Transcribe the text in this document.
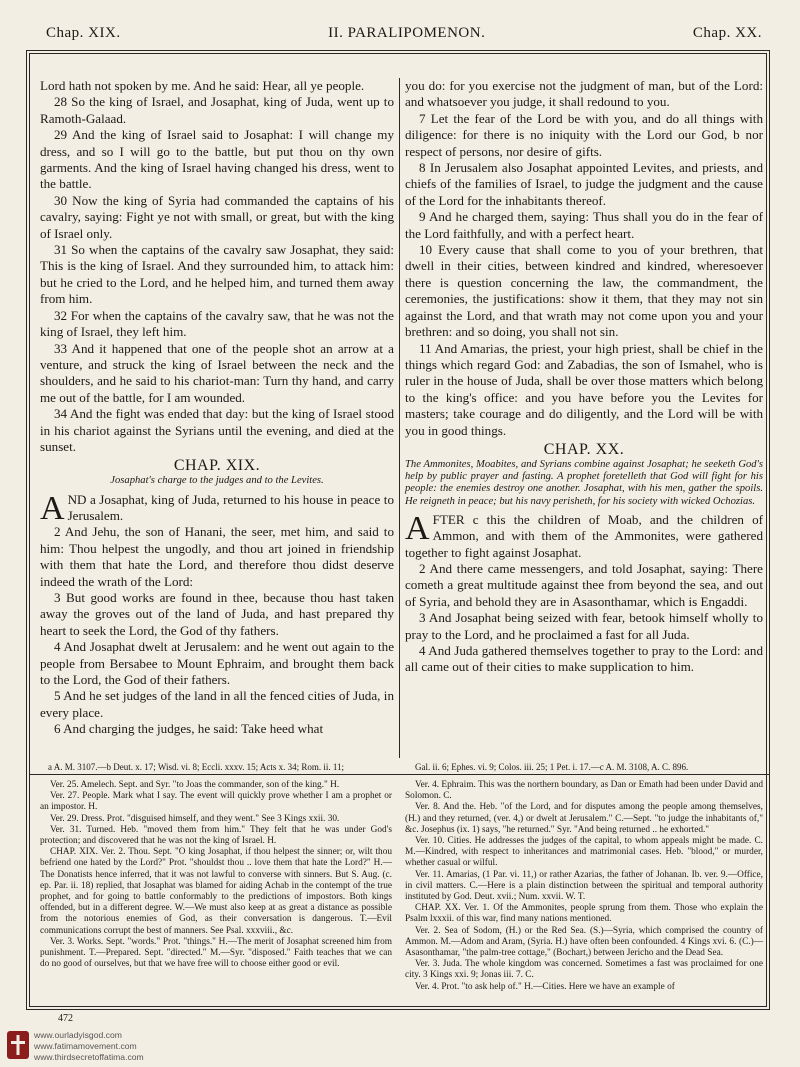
Chap. XIX.	II. PARALIPOMENON.	Chap. XX.

Lord hath not spoken by me. And he said: Hear, all ye people.

28 So the king of Israel, and Josaphat, king of Juda, went up to Ramoth-Galaad.

29 And the king of Israel said to Josaphat: I will change my dress, and so I will go to the battle, but put thou on thy own garments. And the king of Israel having changed his dress, went to the battle.

30 Now the king of Syria had commanded the captains of his cavalry, saying: Fight ye not with small, or great, but with the king of Israel only.

31 So when the captains of the cavalry saw Josaphat, they said: This is the king of Israel. And they surrounded him, to attack him: but he cried to the Lord, and he helped him, and turned them away from him.

32 For when the captains of the cavalry saw, that he was not the king of Israel, they left him.

33 And it happened that one of the people shot an arrow at a venture, and struck the king of Israel between the neck and the shoulders, and he said to his chariot-man: Turn thy hand, and carry me out of the battle, for I am wounded.

34 And the fight was ended that day: but the king of Israel stood in his chariot against the Syrians until the evening, and died at the sunset.

CHAP. XIX.
Josaphat's charge to the judges and to the Levites.

AND a Josaphat, king of Juda, returned to his house in peace to Jerusalem.

2 And Jehu, the son of Hanani, the seer, met him, and said to him: Thou helpest the ungodly, and thou art joined in friendship with them that hate the Lord, and therefore thou didst deserve indeed the wrath of the Lord:

3 But good works are found in thee, because thou hast taken away the groves out of the land of Juda, and hast prepared thy heart to seek the Lord, the God of thy fathers.

4 And Josaphat dwelt at Jerusalem: and he went out again to the people from Bersabee to Mount Ephraim, and brought them back to the Lord, the God of their fathers.

5 And he set judges of the land in all the fenced cities of Juda, in every place.

6 And charging the judges, he said: Take heed what

you do: for you exercise not the judgment of man, but of the Lord: and whatsoever you judge, it shall redound to you.

7 Let the fear of the Lord be with you, and do all things with diligence: for there is no iniquity with the Lord our God, b nor respect of persons, nor desire of gifts.

8 In Jerusalem also Josaphat appointed Levites, and priests, and chiefs of the families of Israel, to judge the judgment and the cause of the Lord for the inhabitants thereof.

9 And he charged them, saying: Thus shall you do in the fear of the Lord faithfully, and with a perfect heart.

10 Every cause that shall come to you of your brethren, that dwell in their cities, between kindred and kindred, wheresoever there is question concerning the law, the commandment, the ceremonies, the justifications: show it them, that they may not sin against the Lord, and that wrath may not come upon you and your brethren: and so doing, you shall not sin.

11 And Amarias, the priest, your high priest, shall be chief in the things which regard God: and Zabadias, the son of Ismahel, who is ruler in the house of Juda, shall be over those matters which belong to the king's office: and you have before you the Levites for masters; take courage and do diligently, and the Lord will be with you in good things.

CHAP. XX.
The Ammonites, Moabites, and Syrians combine against Josaphat; he seeketh God's help by public prayer and fasting. A prophet foretelleth that God will fight for his people: the enemies destroy one another. Josaphat, with his men, gather the spoils. He reigneth in peace; but his navy perisheth, for his society with wicked Ochozias.

AFTER c this the children of Moab, and the children of Ammon, and with them of the Ammonites, were gathered together to fight against Josaphat.

2 And there came messengers, and told Josaphat, saying: There cometh a great multitude against thee from beyond the sea, and out of Syria, and behold they are in Asasonthamar, which is Engaddi.

3 And Josaphat being seized with fear, betook himself wholly to pray to the Lord, and he proclaimed a fast for all Juda.

4 And Juda gathered themselves together to pray to the Lord: and all came out of their cities to make supplication to him.

a A. M. 3107.—b Deut. x. 17; Wisd. vi. 8; Eccli. xxxv. 15; Acts x. 34; Rom. ii. 11;	Gal. ii. 6; Ephes. vi. 9; Colos. iii. 25; 1 Pet. i. 17.—c A. M. 3108, A. C. 896.

Ver. 25. Amelech. Sept. and Syr. "to Joas the commander, son of the king." H.

Ver. 27. People. Mark what I say. The event will quickly prove whether I am a prophet or an impostor. H.

Ver. 29. Dress. Prot. "disguised himself, and they went." See 3 Kings xxii. 30.

Ver. 31. Turned. Heb. "moved them from him." They felt that he was under God's protection; and discovered that he was not the king of Israel. H.

CHAP. XIX. Ver. 2. Thou. Sept. "O king Josaphat, if thou helpest the sinner; or, wilt thou befriend one hated by the Lord?" Prot. "shouldst thou .. love them that hate the Lord?" H.—The Donatists hence inferred, that it was not lawful to converse with sinners. But S. Aug. (c. ep. Par. ii. 18) replied, that Josaphat was blamed for aiding Achab in the contempt of the true prophet, and for going to battle conformably to the predictions of impostors. Both kings offended, but in a different degree. W.—We must also keep at as great a distance as possible from the notorious enemies of God, as their conversation is dangerous. T.—Evil communications corrupt the best of manners. See Psal. xxxviii., &c.

Ver. 3. Works. Sept. "words." Prot. "things." H.—The merit of Josaphat screened him from punishment. T.—Prepared. Sept. "directed." M.—Syr. "disposed." Faith teaches that we can do no good of ourselves, but that we have free will to choose either good or evil.

Ver. 4. Ephraim. This was the northern boundary, as Dan or Emath had been under David and Solomon. C.

Ver. 8. And the. Heb. "of the Lord, and for disputes among the people among themselves, (H.) and they returned, (ver. 4,) or dwelt at Jerusalem." C.—Sept. "to judge the inhabitants of," &c. Josephus (ix. 1) says, "he returned." Syr. "And being returned .. he exhorted."

Ver. 10. Cities. He addresses the judges of the capital, to whom appeals might be made. C. M.—Kindred, with respect to inheritances and matrimonial cases. Heb. "blood," or murder, whether casual or wilful.

Ver. 11. Amarias, (1 Par. vi. 11,) or rather Azarias, the father of Johanan. Ib. ver. 9.—Office, in civil matters. C.—Here is a plain distinction between the spiritual and temporal authority instituted by God. Deut. xvii.; Num. xxvii. W. T.

CHAP. XX. Ver. 1. Of the Ammonites, people sprung from them. Those who explain the Psalm lxxxii. of this war, find many nations mentioned.

Ver. 2. Sea of Sodom, (H.) or the Red Sea. (S.)—Syria, which comprised the country of Ammon. M.—Adom and Aram, (Syria. H.) have often been confounded. 4 Kings xvi. 6. (C.)—Asasonthamar, "the palm-tree cottage," (Bochart,) between Jericho and the Dead Sea.

Ver. 3. Juda. The whole kingdom was concerned. Sometimes a fast was proclaimed for one city. 3 Kings xxi. 9; Jonas iii. 7. C.

Ver. 4. Prot. "to ask help of." H.—Cities. Here we have an example of

472
www.ourladyisgod.com
www.fatimamovement.com
www.thirdsecretoffatima.com
